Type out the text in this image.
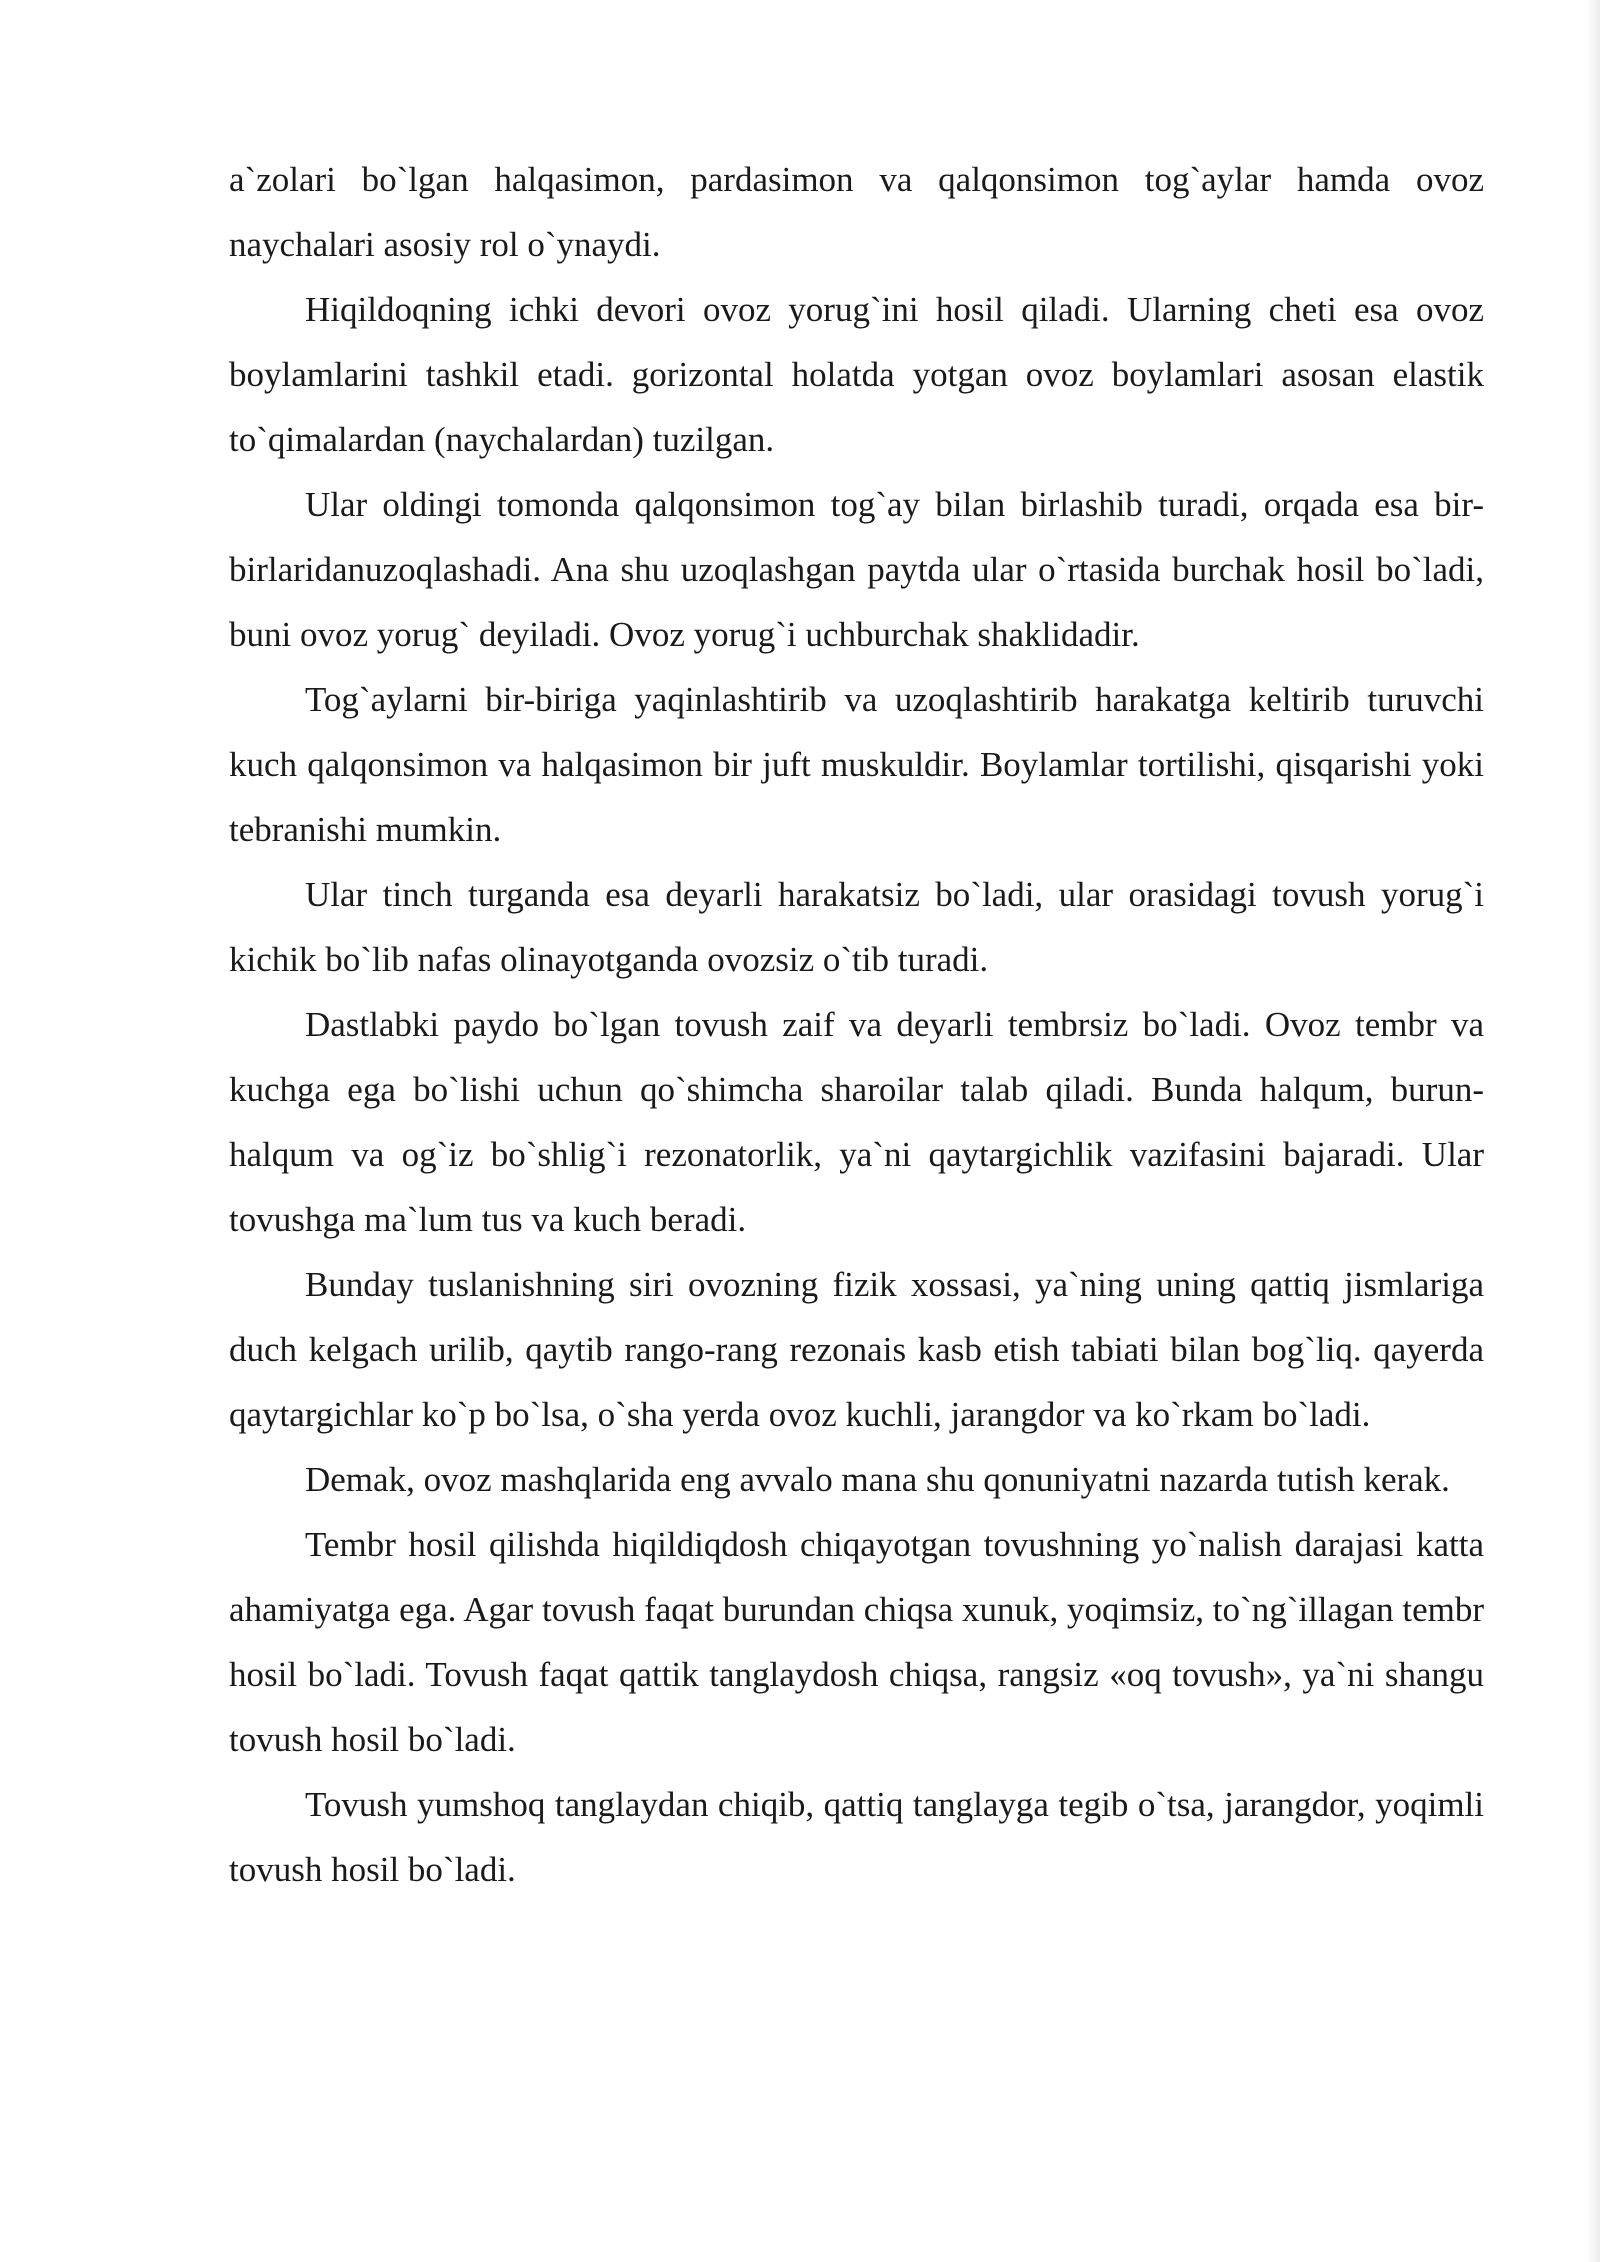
a`zolari bo`lgan halqasimon, pardasimon va qalqonsimon tog`aylar hamda ovoz naychalari asosiy rol o`ynaydi.

Hiqildoqning ichki devori ovoz yorug`ini hosil qiladi. Ularning cheti esa ovoz boylamlarini tashkil etadi. gorizontal holatda yotgan ovoz boylamlari asosan elastik to`qimalardan (naychalardan) tuzilgan.

Ular oldingi tomonda qalqonsimon tog`ay bilan birlashib turadi, orqada esa bir-birlaridanuzoqlashadi. Ana shu uzoqlashgan paytda ular o`rtasida burchak hosil bo`ladi, buni ovoz yorug` deyiladi. Ovoz yorug`i uchburchak shaklidadir.

Tog`aylarni bir-biriga yaqinlashtirib va uzoqlashtirib harakatga keltirib turuvchi kuch qalqonsimon va halqasimon bir juft muskuldir. Boylamlar tortilishi, qisqarishi yoki tebranishi mumkin.

Ular tinch turganda esa deyarli harakatsiz bo`ladi, ular orasidagi tovush yorug`i kichik bo`lib nafas olinayotganda ovozsiz o`tib turadi.

Dastlabki paydo bo`lgan tovush zaif va deyarli tembrsiz bo`ladi. Ovoz tembr va kuchga ega bo`lishi uchun qo`shimcha sharoilar talab qiladi. Bunda halqum, burun-halqum va og`iz bo`shlig`i rezonatorlik, ya`ni qaytargichlik vazifasini bajaradi. Ular tovushga ma`lum tus va kuch beradi.

Bunday tuslanishning siri ovozning fizik xossasi, ya`ning uning qattiq jismlariga duch kelgach urilib, qaytib rango-rang rezonais kasb etish tabiati bilan bog`liq. qayerda qaytargichlar ko`p bo`lsa, o`sha yerda ovoz kuchli, jarangdor va ko`rkam bo`ladi.

Demak, ovoz mashqlarida eng avvalo mana shu qonuniyatni nazarda tutish kerak.

Tembr hosil qilishda hiqildiqdosh chiqayotgan tovushning yo`nalish darajasi katta ahamiyatga ega. Agar tovush faqat burundan chiqsa xunuk, yoqimsiz, to`ng`illagan tembr hosil bo`ladi. Tovush faqat qattik tanglaydosh chiqsa, rangsiz «oq tovush», ya`ni shangu tovush hosil bo`ladi.

Tovush yumshoq tanglaydan chiqib, qattiq tanglayga tegib o`tsa, jarangdor, yoqimli tovush hosil bo`ladi.
